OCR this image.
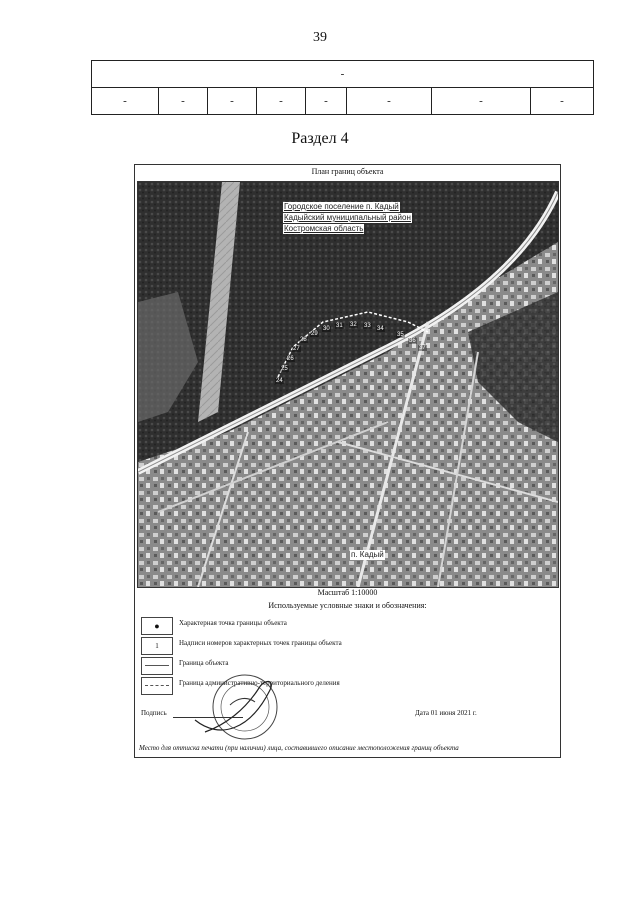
39
-
-	-	-	-	-	-	-	-
Раздел 4
План границ объекта
Городское поселение п. Кадый
Кадыйский муниципальный район
Костромская область
п. Кадый
24
25
26
27
28
29
30 31 32 33 34
35
36
37
Масштаб 1:10000
Используемые условные знаки и обозначения:
●	Характерная точка границы объекта
1	Надписи номеров характерных точек границы объекта
Граница объекта
Граница административно-территориального деления
Подпись	Дата 01 июня 2021 г.
Место для оттиска печати (при наличии) лица, составившего описание местоположения границ объекта
